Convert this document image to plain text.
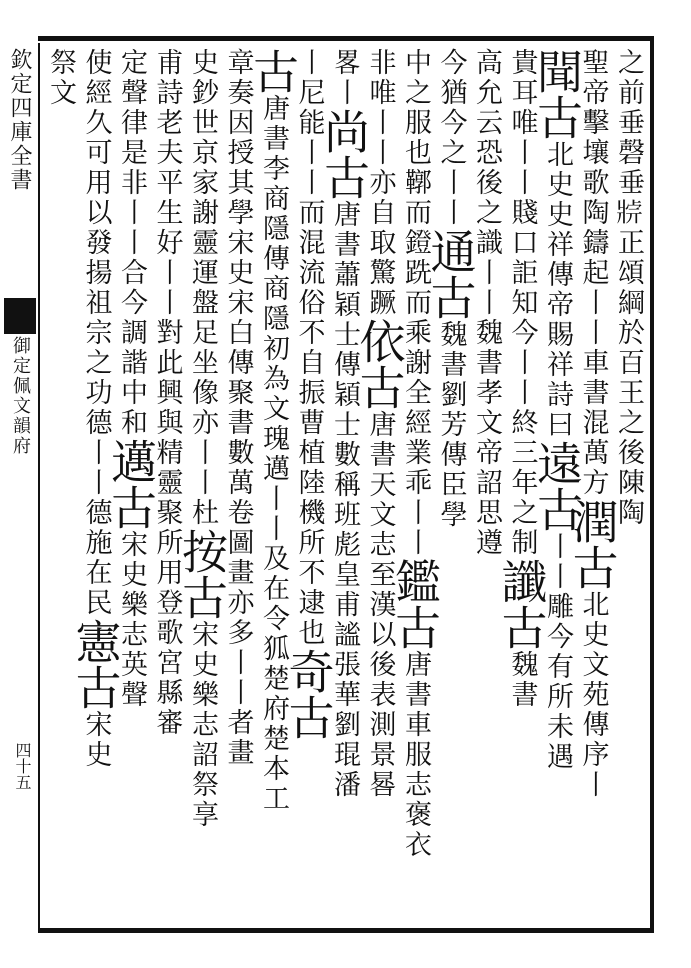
欽定四庫全書
御定佩文韻府
四十五
之前垂磬垂𤖄正頌綱於百王之後陳陶
聖帝擊壤歌陶鑄起丨丨車書混萬方潤古北史文苑傳序丨
聞古北史史祥傳帝賜祥詩曰遠古丨丨雕今有所未遇
貴耳唯丨丨賤口詎知今丨丨終三年之制讖古魏書
高允云恐後之識丨丨魏書孝文帝詔思遵
今猶今之丨丨通古魏書劉芳傳臣學
中之服也鞹而鐙跣而乘謝全經業乖丨丨鑑古唐書車服志褒衣
非唯丨丨亦自取驚蹶依古唐書天文志至漢以後表測景晷
畧丨尚古唐書蕭穎士傳穎士數稱班彪皇甫謐張華劉琨潘
丨尼能丨丨而混流俗不自振曹植陸機所不逮也奇古
古唐書李商隱傳商隱初為文瑰邁丨丨及在令狐楚府楚本工
章奏因授其學宋史宋白傳聚書數萬卷圖畫亦多丨丨者畫
史鈔世京家謝靈運盤足坐像亦丨丨杜按古宋史樂志詔祭享
甫詩老夫平生好丨丨對此興與精靈聚所用登歌宮縣審
定聲律是非丨丨合今調諧中和邁古宋史樂志英聲
使經久可用以發揚祖宗之功德丨丨德施在民憲古宋史
祭文
